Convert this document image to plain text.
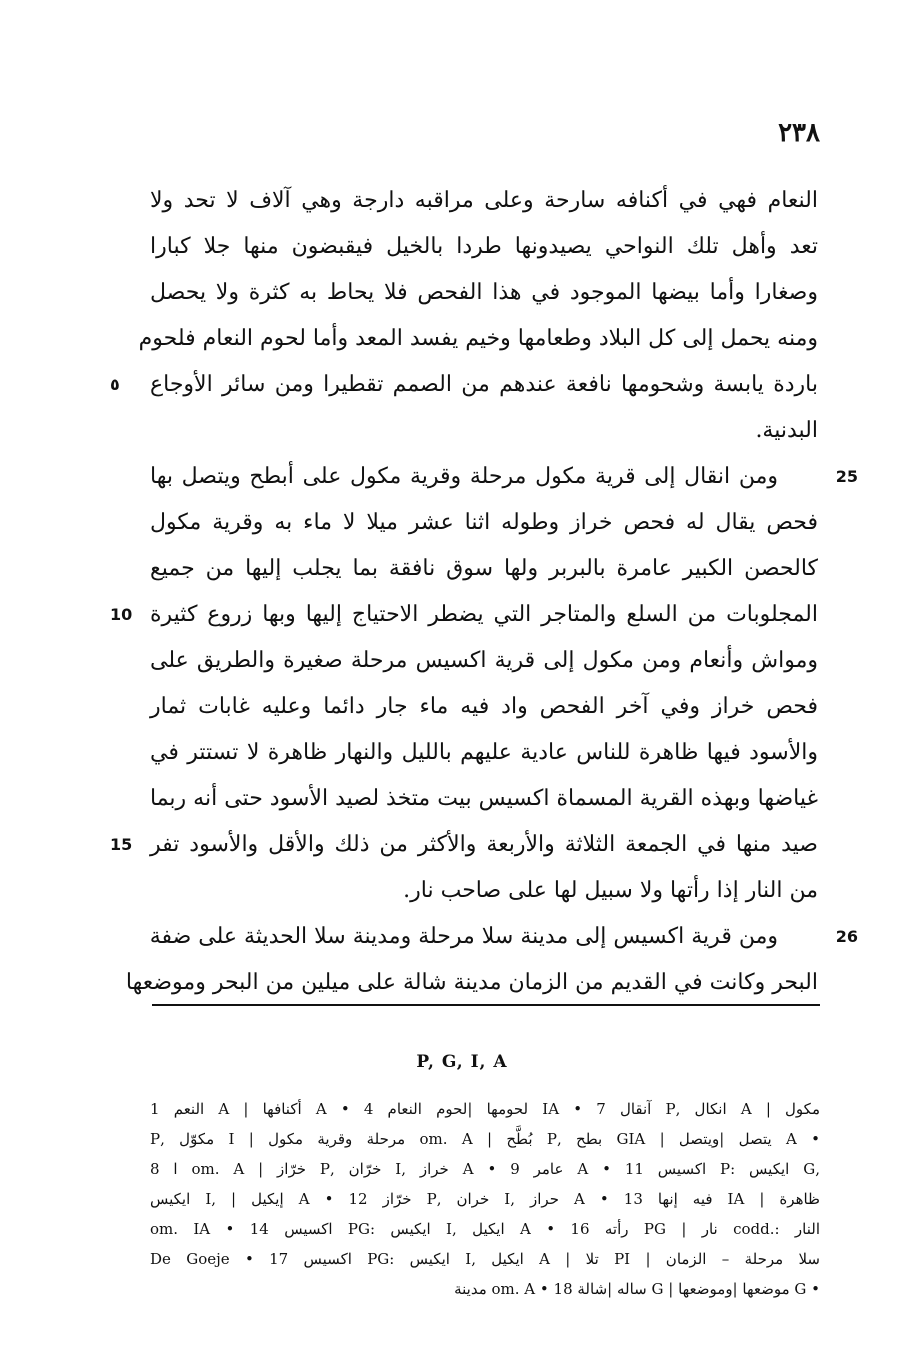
٢٣٨
النعام فهي في أكنافه سارحة وعلى مراقبه دارجة وهي آلاف لا تحد ولا
تعد وأهل تلك النواحي يصيدونها طردا بالخيل فيقبضون منها جلا كبارا
وصغارا وأما بيضها الموجود في هذا الفحص فلا يحاط به كثرة ولا يحصل
ومنه يحمل إلى كل البلاد وطعامها وخيم يفسد المعد وأما لحوم النعام فلحوم
باردة يابسة وشحومها نافعة عندهم من الصمم تقطيرا ومن سائر الأوجاع
٥
البدنية.
ومن انقال إلى قرية مكول مرحلة وقرية مكول على أبطح ويتصل بها	25
فحص يقال له فحص خراز وطوله اثنا عشر ميلا لا ماء به وقرية مكول
كالحصن الكبير عامرة بالبربر ولها سوق نافقة بما يجلب إليها من جميع
المجلوبات من السلع والمتاجر التي يضطر الاحتياج إليها وبها زروع كثيرة
10
ومواش وأنعام ومن مكول إلى قرية اكسيس مرحلة صغيرة والطريق على
فحص خراز وفي آخر الفحص واد فيه ماء جار دائما وعليه غابات ثمار
والأسود فيها ظاهرة للناس عادية عليهم بالليل والنهار ظاهرة لا تستتر في
غياضها وبهذه القرية المسماة اكسيس بيت متخذ لصيد الأسود حتى أنه ربما
صيد منها في الجمعة الثلاثة والأربعة والأكثر من ذلك والأقل والأسود تفر
15
من النار إذا رأتها ولا سبيل لها على صاحب نار.
ومن قرية اكسيس إلى مدينة سلا مرحلة ومدينة سلا الحديثة على ضفة	26
البحر وكانت في القديم من الزمان مدينة شالة على ميلين من البحر وموضعها
P, G, I, A
مكول | A انكال ,P آنقال 7 • IA لحومها |لحوم النعام 4 • A أكنافها | A النعم 1
• A يتصل |ويتصل | GIA بطح ,P بُطَّح | om. A مرحلة وقرية مكول | I مكوّل ,P
,G ايكيس :P اكسيس 11 • A عامر 9 • A خراز ,I خرّان ,P خرّاز | om. A ا 8
ظاهرة | IA فيه إنها 13 • A حراز ,I خران ,P خرّاز 12 • A إيكيل | ,I ايكيس
النار :.codd نار | PG رأته 16 • A ايكيل ,I ايكيس :PG اكسيس 14 • om. IA
سلا مرحلة – الزمان | PI تلا | A ايكيل ,I ايكيس :PG اكسيس 17 • De Goeje
• G موضعها |وموضعها | G ساله |شالة 18 • om. A مدينة
